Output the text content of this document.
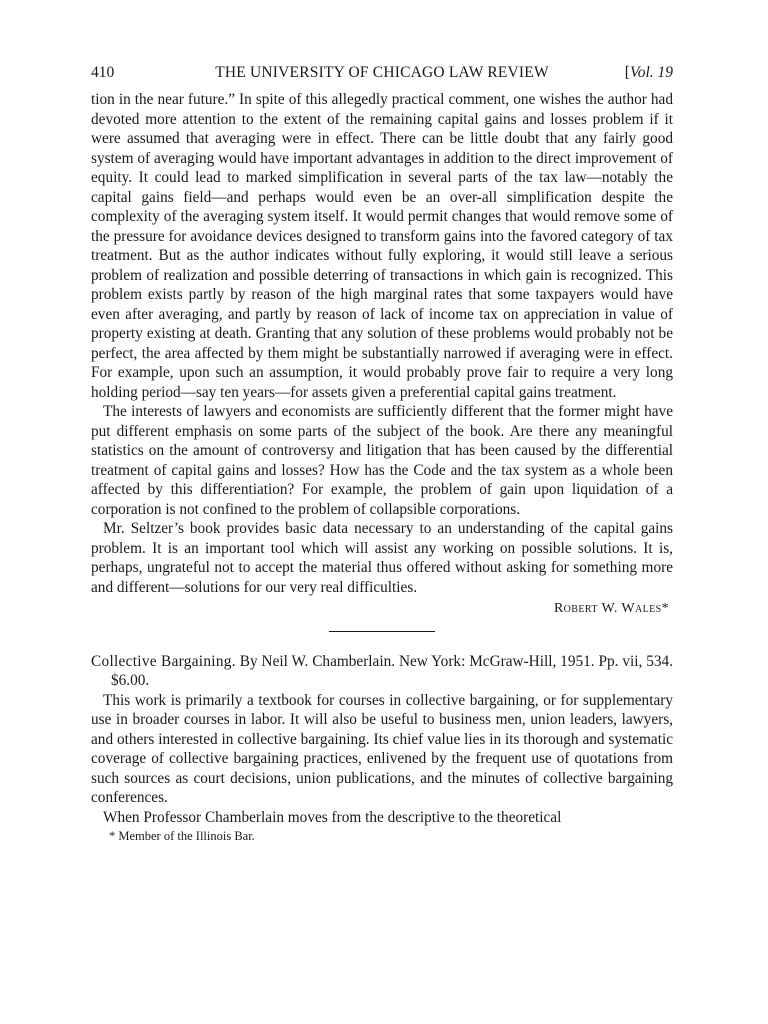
410	THE UNIVERSITY OF CHICAGO LAW REVIEW	[Vol. 19

tion in the near future.” In spite of this allegedly practical comment, one wishes the author had devoted more attention to the extent of the remaining capital gains and losses problem if it were assumed that averaging were in effect. There can be little doubt that any fairly good system of averaging would have important advantages in addition to the direct improvement of equity. It could lead to marked simplification in several parts of the tax law—notably the capital gains field—and perhaps would even be an over-all simplification despite the complexity of the averaging system itself. It would permit changes that would remove some of the pressure for avoidance devices designed to transform gains into the favored category of tax treatment. But as the author indicates without fully exploring, it would still leave a serious problem of realization and possible deterring of transactions in which gain is recognized. This problem exists partly by reason of the high marginal rates that some taxpayers would have even after averaging, and partly by reason of lack of income tax on appreciation in value of property existing at death. Granting that any solution of these problems would probably not be perfect, the area affected by them might be substantially narrowed if averaging were in effect. For example, upon such an assumption, it would probably prove fair to require a very long holding period—say ten years—for assets given a preferential capital gains treatment.

The interests of lawyers and economists are sufficiently different that the former might have put different emphasis on some parts of the subject of the book. Are there any meaningful statistics on the amount of controversy and litigation that has been caused by the differential treatment of capital gains and losses? How has the Code and the tax system as a whole been affected by this differentiation? For example, the problem of gain upon liquidation of a corporation is not confined to the problem of collapsible corporations.

Mr. Seltzer’s book provides basic data necessary to an understanding of the capital gains problem. It is an important tool which will assist any working on possible solutions. It is, perhaps, ungrateful not to accept the material thus offered without asking for something more and different—solutions for our very real difficulties.

Robert W. Wales*

Collective Bargaining. By Neil W. Chamberlain. New York: McGraw-Hill, 1951. Pp. vii, 534. $6.00.

This work is primarily a textbook for courses in collective bargaining, or for supplementary use in broader courses in labor. It will also be useful to business men, union leaders, lawyers, and others interested in collective bargaining. Its chief value lies in its thorough and systematic coverage of collective bargaining practices, enlivened by the frequent use of quotations from such sources as court decisions, union publications, and the minutes of collective bargaining conferences.

When Professor Chamberlain moves from the descriptive to the theoretical

* Member of the Illinois Bar.
